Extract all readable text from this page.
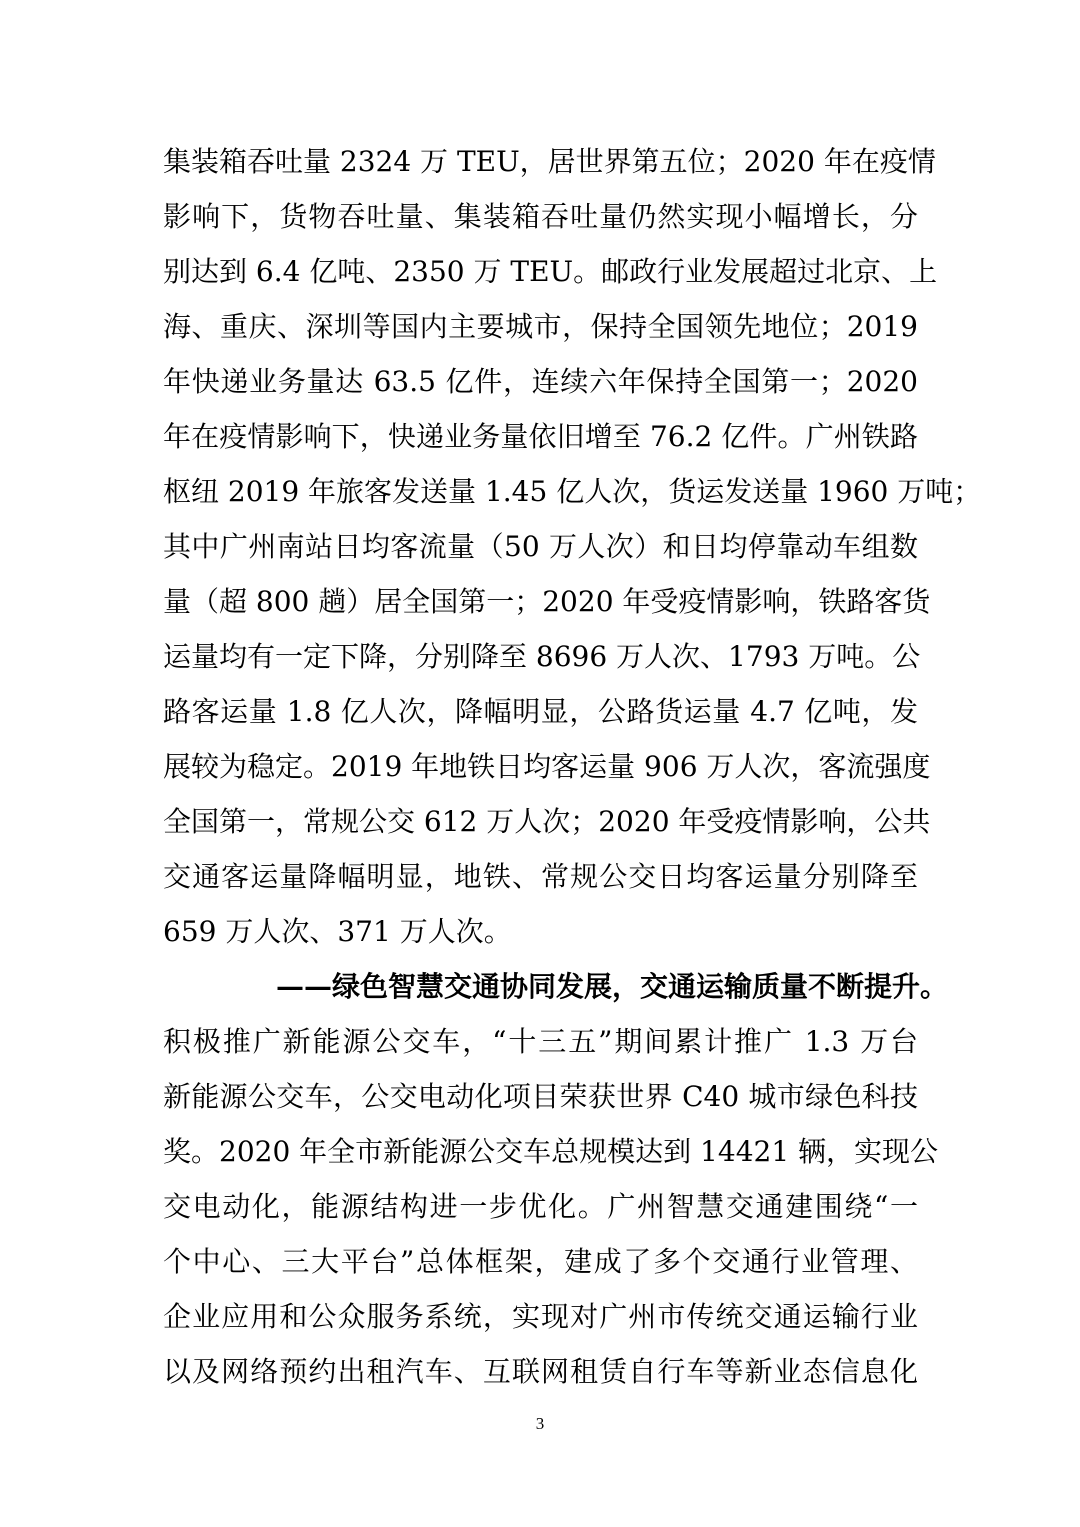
集装箱吞吐量 2324 万 TEU，居世界第五位；2020 年在疫情
影响下，货物吞吐量、集装箱吞吐量仍然实现小幅增长，分
别达到 6.4 亿吨、2350 万 TEU。邮政行业发展超过北京、上
海、重庆、深圳等国内主要城市，保持全国领先地位；2019
年快递业务量达 63.5 亿件，连续六年保持全国第一；2020
年在疫情影响下，快递业务量依旧增至 76.2 亿件。广州铁路
枢纽 2019 年旅客发送量 1.45 亿人次，货运发送量 1960 万吨；
其中广州南站日均客流量（50 万人次）和日均停靠动车组数
量（超 800 趟）居全国第一；2020 年受疫情影响，铁路客货
运量均有一定下降，分别降至 8696 万人次、1793 万吨。公
路客运量 1.8 亿人次，降幅明显，公路货运量 4.7 亿吨，发
展较为稳定。2019 年地铁日均客运量 906 万人次，客流强度
全国第一，常规公交 612 万人次；2020 年受疫情影响，公共
交通客运量降幅明显，地铁、常规公交日均客运量分别降至
659 万人次、371 万人次。
——绿色智慧交通协同发展，交通运输质量不断提升。
积极推广新能源公交车，“十三五”期间累计推广 1.3 万台
新能源公交车，公交电动化项目荣获世界 C40 城市绿色科技
奖。2020 年全市新能源公交车总规模达到 14421 辆，实现公
交电动化，能源结构进一步优化。广州智慧交通建围绕“一
个中心、三大平台”总体框架，建成了多个交通行业管理、
企业应用和公众服务系统，实现对广州市传统交通运输行业
以及网络预约出租汽车、互联网租赁自行车等新业态信息化
3
